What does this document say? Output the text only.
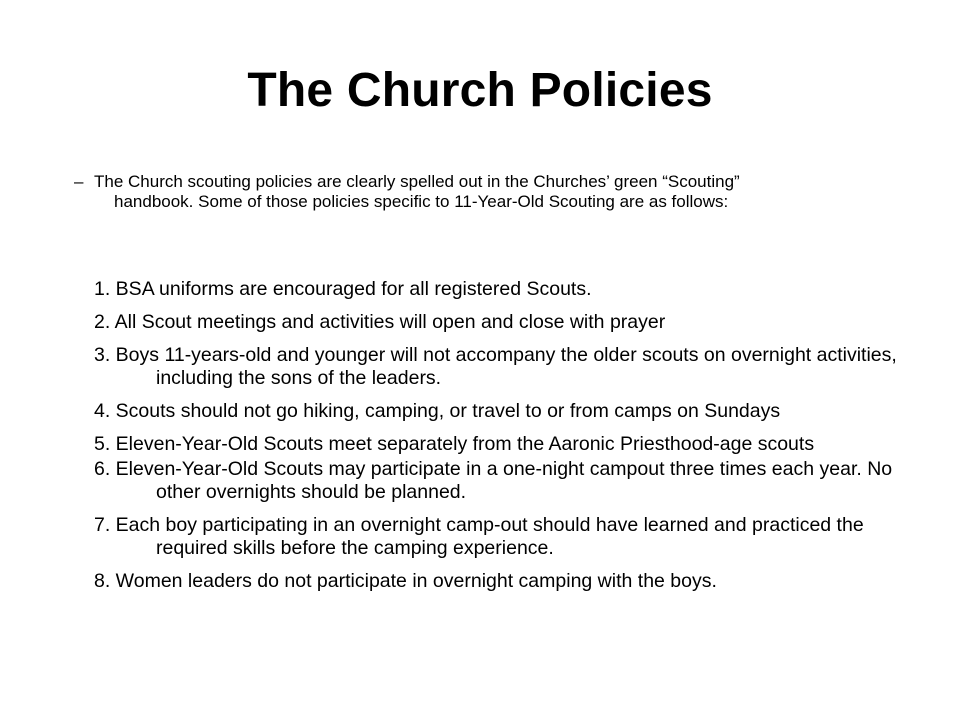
The Church Policies
– The Church scouting policies are clearly spelled out in the Churches’ green “Scouting” handbook. Some of those policies specific to 11-Year-Old Scouting are as follows:
1. BSA uniforms are encouraged for all registered Scouts.
2. All Scout meetings and activities will open and close with prayer
3. Boys 11-years-old and younger will not accompany the older scouts on overnight activities, including the sons of the leaders.
4. Scouts should not go hiking, camping, or travel to or from camps on Sundays
5. Eleven-Year-Old Scouts meet separately from the Aaronic Priesthood-age scouts
6. Eleven-Year-Old Scouts may participate in a one-night campout three times each year. No other overnights should be planned.
7. Each boy participating in an overnight camp-out should have learned and practiced the required skills before the camping experience.
8. Women leaders do not participate in overnight camping with the boys.
